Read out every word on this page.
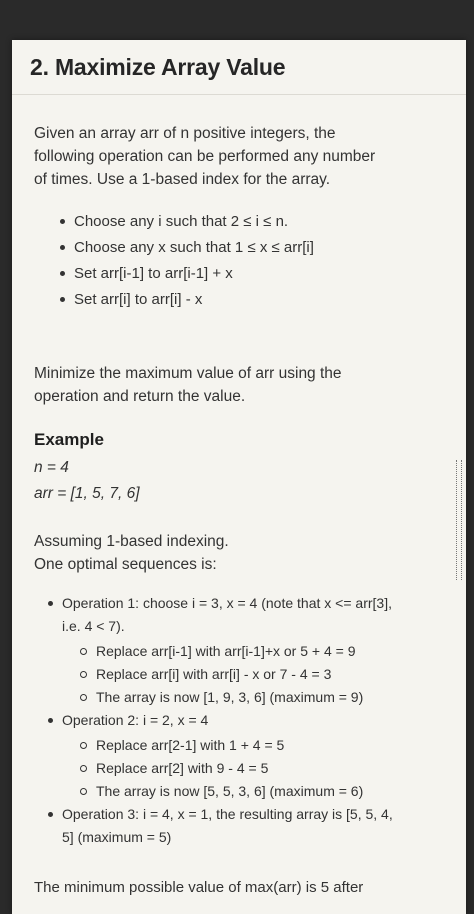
2. Maximize Array Value
Given an array arr of n positive integers, the
following operation can be performed any number
of times. Use a 1-based index for the array.
Choose any i such that 2 ≤ i ≤ n.
Choose any x such that 1 ≤ x ≤ arr[i]
Set arr[i-1] to arr[i-1] + x
Set arr[i] to arr[i] - x
Minimize the maximum value of arr using the
operation and return the value.
Example
n = 4
arr = [1, 5, 7, 6]
Assuming 1-based indexing.
One optimal sequences is:
Operation 1: choose i = 3, x = 4 (note that x <= arr[3],
i.e. 4 < 7).
Replace arr[i-1] with arr[i-1]+x or 5 + 4 = 9
Replace arr[i] with arr[i] - x or 7 - 4 = 3
The array is now [1, 9, 3, 6] (maximum = 9)
Operation 2: i = 2, x = 4
Replace arr[2-1] with 1 + 4 = 5
Replace arr[2] with 9 - 4 = 5
The array is now [5, 5, 3, 6] (maximum = 6)
Operation 3: i = 4, x = 1, the resulting array is [5, 5, 4,
5] (maximum = 5)
The minimum possible value of max(arr) is 5 after
